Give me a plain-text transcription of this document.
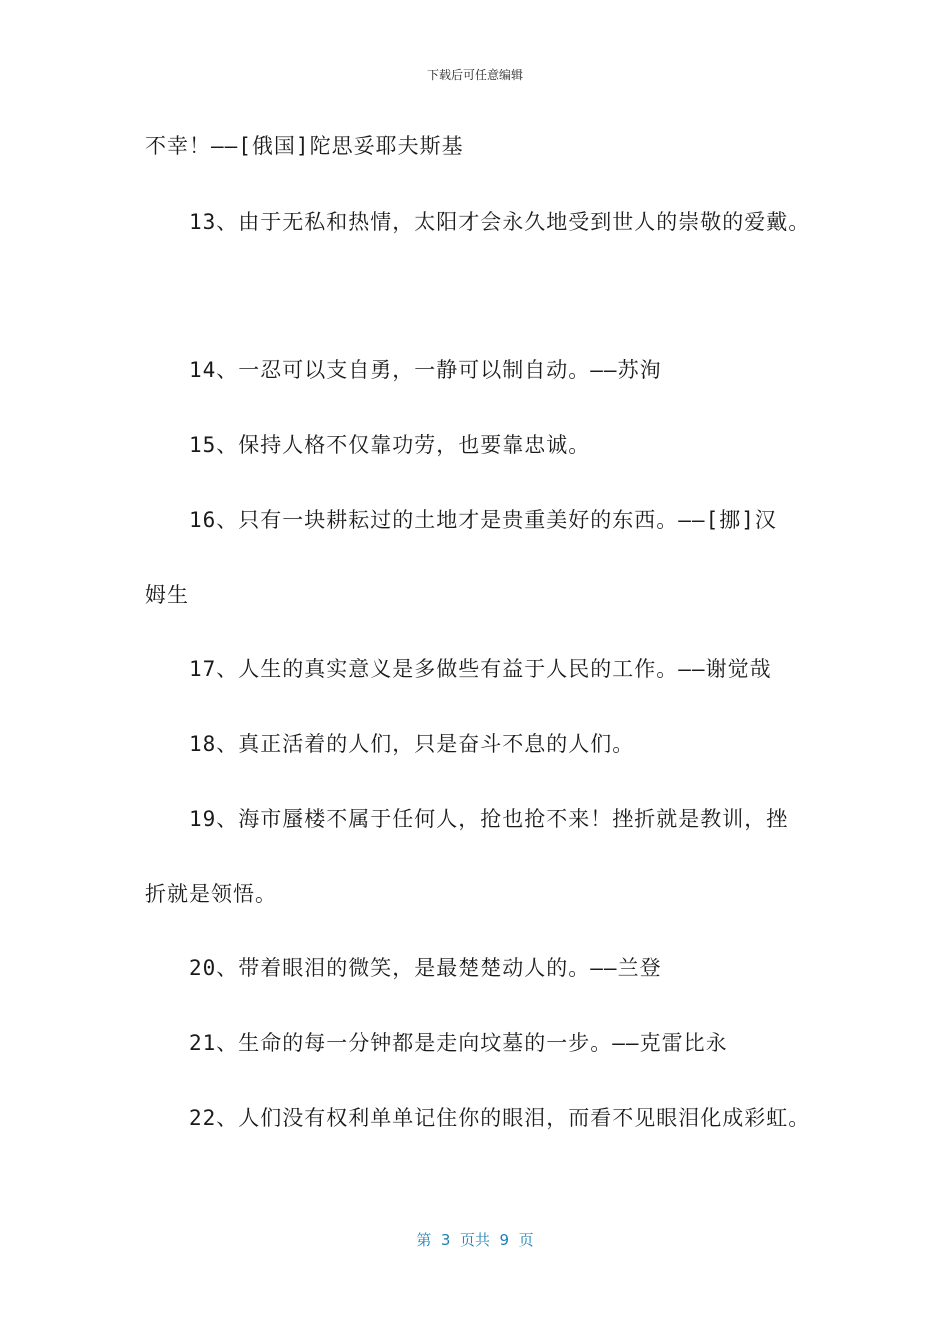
下载后可任意编辑
不幸！——[俄国]陀思妥耶夫斯基
13、由于无私和热情，太阳才会永久地受到世人的崇敬的爱戴。
14、一忍可以支自勇，一静可以制自动。——苏洵
15、保持人格不仅靠功劳，也要靠忠诚。
16、只有一块耕耘过的土地才是贵重美好的东西。——[挪]汉
姆生
17、人生的真实意义是多做些有益于人民的工作。——谢觉哉
18、真正活着的人们，只是奋斗不息的人们。
19、海市蜃楼不属于任何人，抢也抢不来！挫折就是教训，挫
折就是领悟。
20、带着眼泪的微笑，是最楚楚动人的。——兰登
21、生命的每一分钟都是走向坟墓的一步。——克雷比永
22、人们没有权利单单记住你的眼泪，而看不见眼泪化成彩虹。
第  3  页共  9  页
